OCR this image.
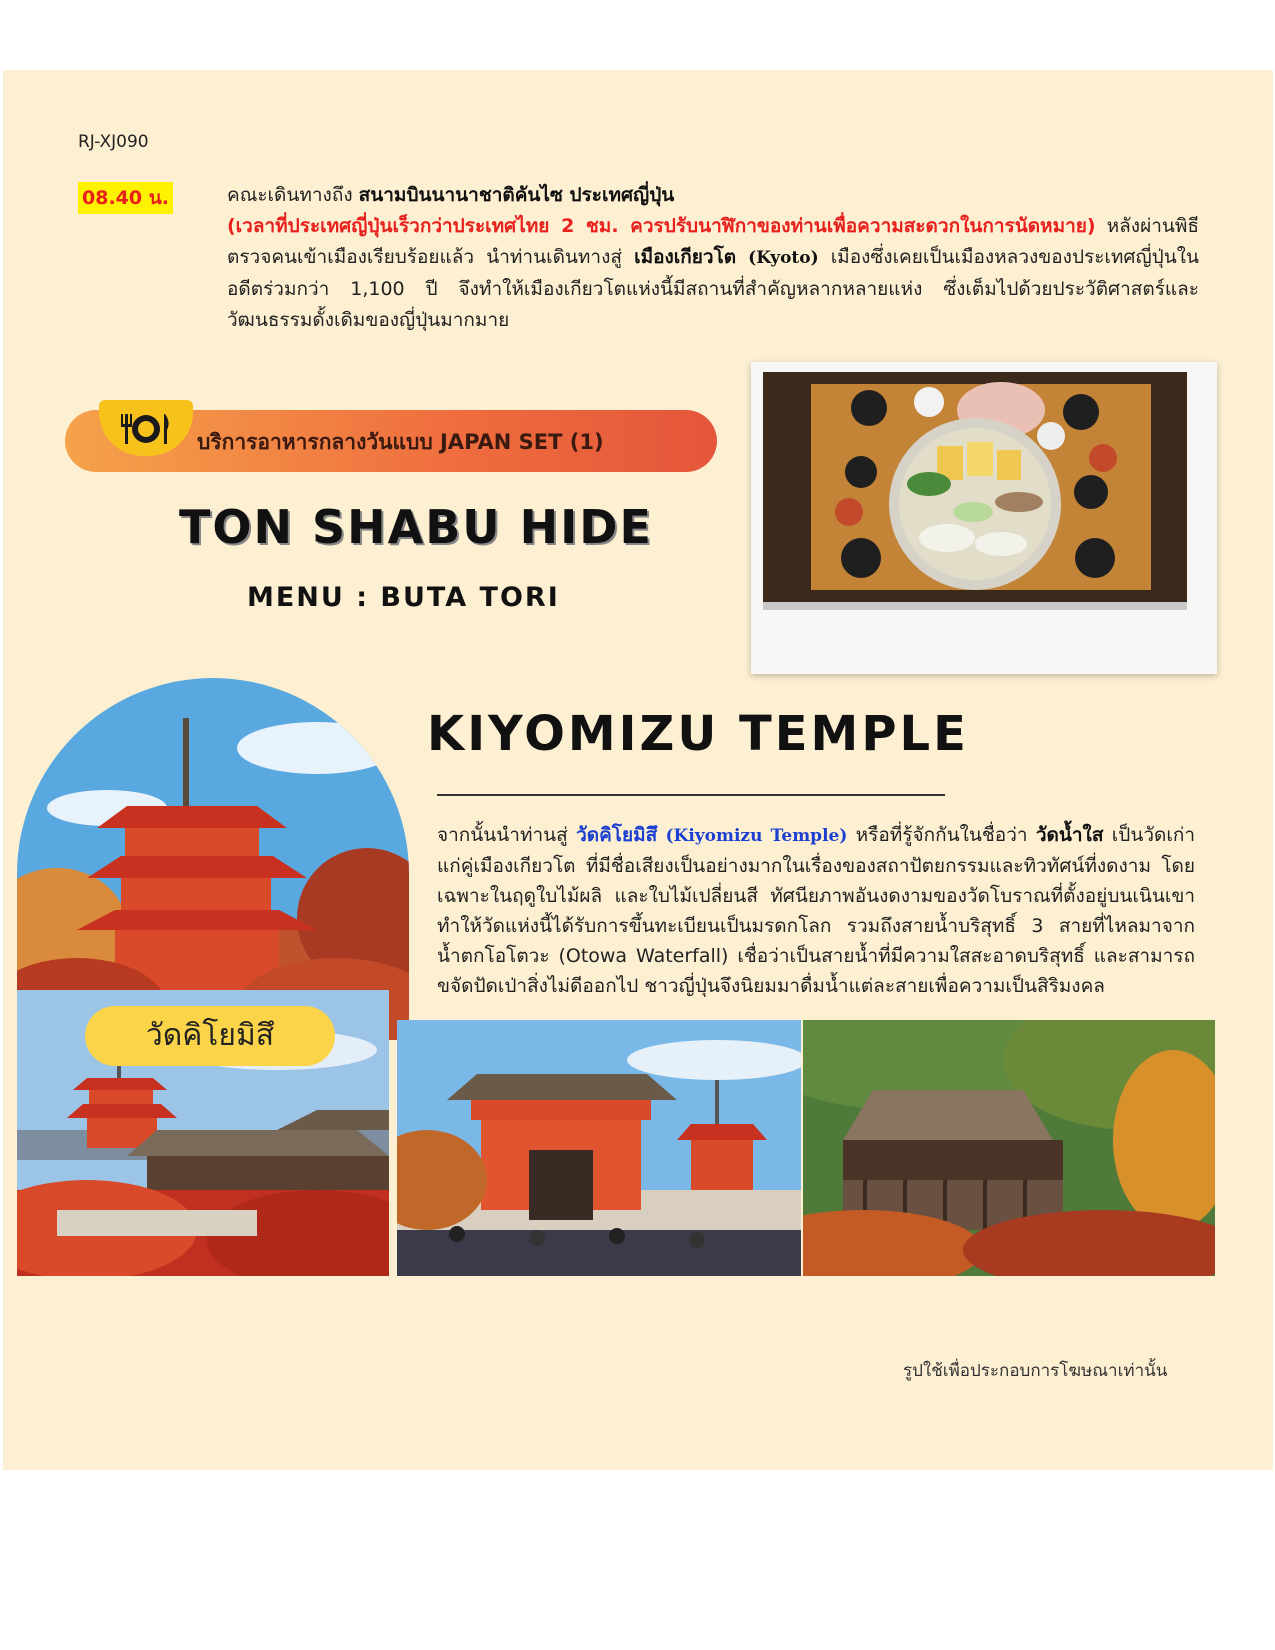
RJ-XJ090
08.40 น.	คณะเดินทางถึง สนามบินนานาชาติคันไซ ประเทศญี่ปุ่น
(เวลาที่ประเทศญี่ปุ่นเร็วกว่าประเทศไทย 2 ชม. ควรปรับนาฬิกาของท่านเพื่อความสะดวกในการนัดหมาย) หลังผ่านพิธีตรวจคนเข้าเมืองเรียบร้อยแล้ว นำท่านเดินทางสู่ เมืองเกียวโต (Kyoto) เมืองซึ่งเคยเป็นเมืองหลวงของประเทศญี่ปุ่นในอดีตร่วมกว่า 1,100 ปี จึงทำให้เมืองเกียวโตแห่งนี้มีสถานที่สำคัญหลากหลายแห่ง ซึ่งเต็มไปด้วยประวัติศาสตร์และวัฒนธรรมดั้งเดิมของญี่ปุ่นมากมาย
บริการอาหารกลางวันแบบ JAPAN SET (1)
TON SHABU HIDE
MENU : BUTA TORI
KIYOMIZU TEMPLE
จากนั้นนำท่านสู่ วัดคิโยมิสึ (Kiyomizu Temple) หรือที่รู้จักกันในชื่อว่า วัดน้ำใส เป็นวัดเก่าแก่คู่เมืองเกียวโต ที่มีชื่อเสียงเป็นอย่างมากในเรื่องของสถาปัตยกรรมและทิวทัศน์ที่งดงาม โดยเฉพาะในฤดูใบไม้ผลิ และใบไม้เปลี่ยนสี ทัศนียภาพอันงดงามของวัดโบราณที่ตั้งอยู่บนเนินเขา ทำให้วัดแห่งนี้ได้รับการขึ้นทะเบียนเป็นมรดกโลก รวมถึงสายน้ำบริสุทธิ์ 3 สายที่ไหลมาจาก น้ำตกโอโตวะ (Otowa Waterfall) เชื่อว่าเป็นสายน้ำที่มีความใสสะอาดบริสุทธิ์ และสามารถขจัดปัดเป่าสิ่งไม่ดีออกไป ชาวญี่ปุ่นจึงนิยมมาดื่มน้ำแต่ละสายเพื่อความเป็นสิริมงคล
วัดคิโยมิสึ
รูปใช้เพื่อประกอบการโฆษณาเท่านั้น
